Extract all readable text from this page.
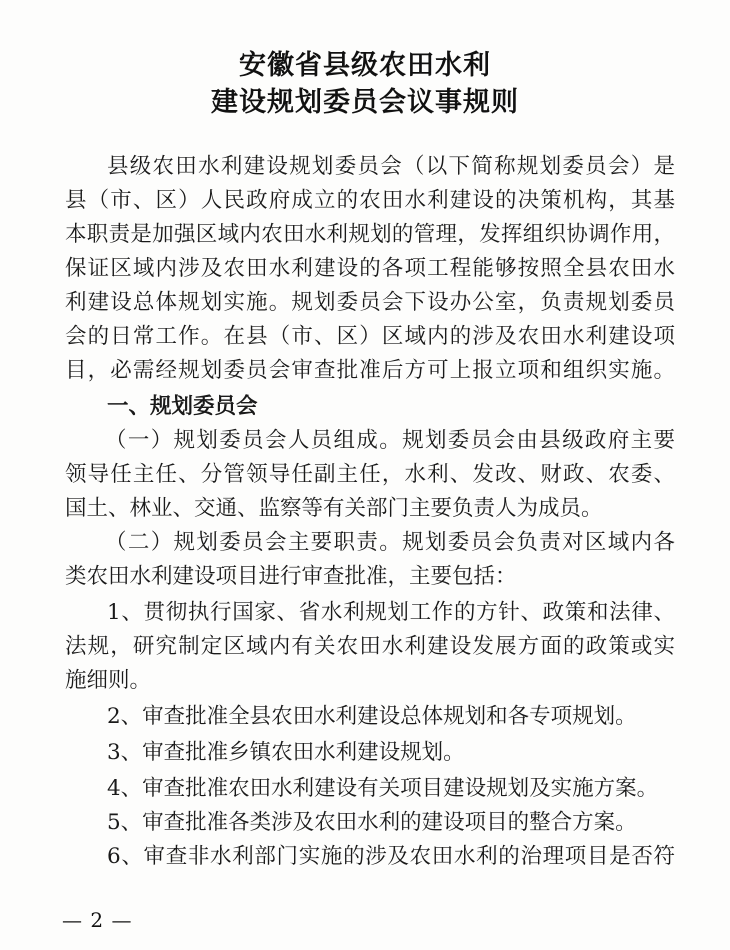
安徽省县级农田水利
建设规划委员会议事规则
县级农田水利建设规划委员会（以下简称规划委员会）是
县（市、区）人民政府成立的农田水利建设的决策机构，其基
本职责是加强区域内农田水利规划的管理，发挥组织协调作用，
保证区域内涉及农田水利建设的各项工程能够按照全县农田水
利建设总体规划实施。规划委员会下设办公室，负责规划委员
会的日常工作。在县（市、区）区域内的涉及农田水利建设项
目，必需经规划委员会审查批准后方可上报立项和组织实施。
一、规划委员会
（一）规划委员会人员组成。规划委员会由县级政府主要
领导任主任、分管领导任副主任，水利、发改、财政、农委、
国土、林业、交通、监察等有关部门主要负责人为成员。
（二）规划委员会主要职责。规划委员会负责对区域内各
类农田水利建设项目进行审查批准，主要包括：
1、贯彻执行国家、省水利规划工作的方针、政策和法律、
法规，研究制定区域内有关农田水利建设发展方面的政策或实
施细则。
2、审查批准全县农田水利建设总体规划和各专项规划。
3、审查批准乡镇农田水利建设规划。
4、审查批准农田水利建设有关项目建设规划及实施方案。
5、审查批准各类涉及农田水利的建设项目的整合方案。
6、审查非水利部门实施的涉及农田水利的治理项目是否符
— 2 —
